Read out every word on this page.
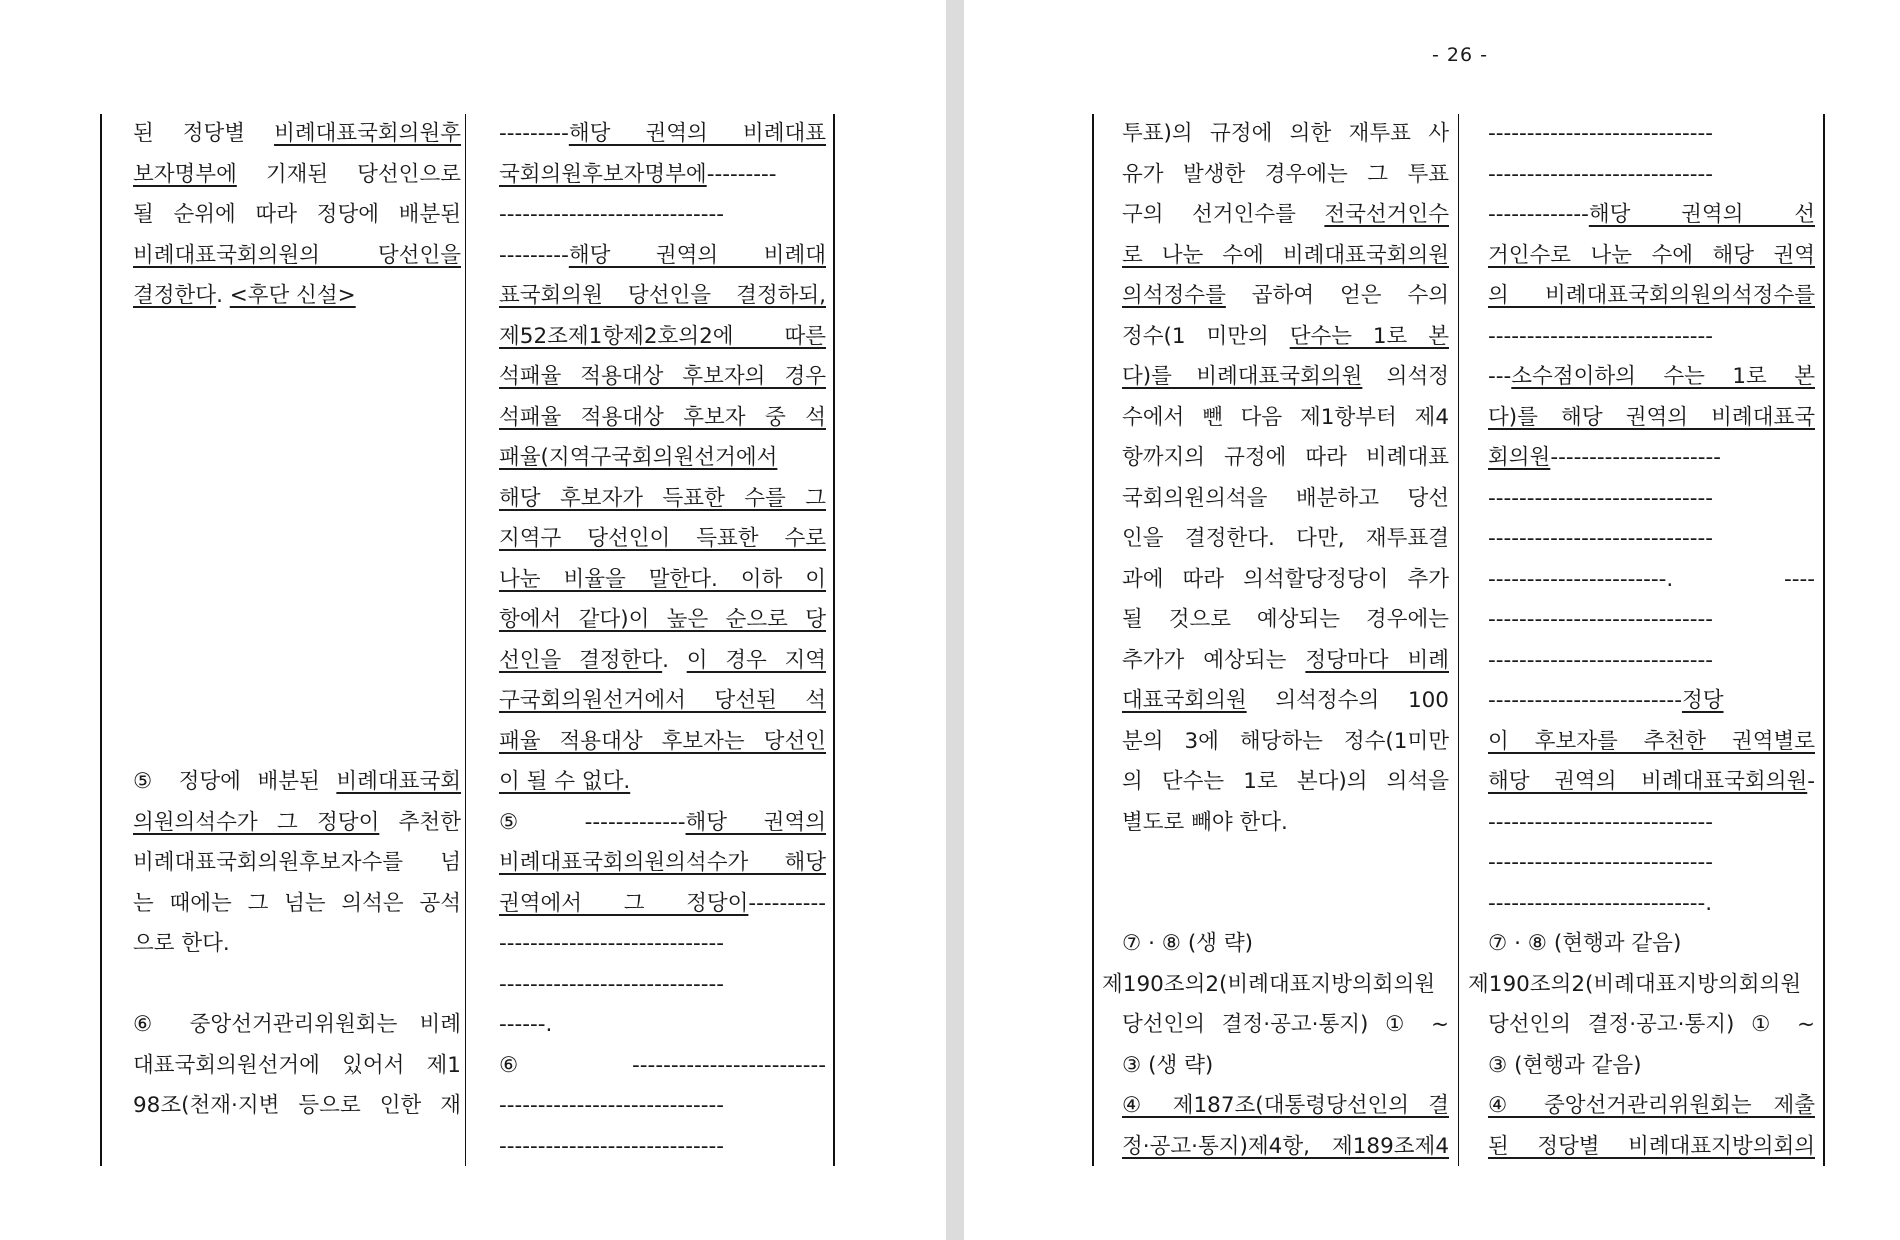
- 26 -
된 정당별 비례대표국회의원후
보자명부에 기재된 당선인으로
될 순위에 따라 정당에 배분된
비례대표국회의원의 당선인을
결정한다. <후단 신설>
⑤ 정당에 배분된 비례대표국회
의원의석수가 그 정당이 추천한
비례대표국회의원후보자수를 넘
는 때에는 그 넘는 의석은 공석
으로 한다.
⑥ 중앙선거관리위원회는 비례
대표국회의원선거에 있어서 제1
98조(천재·지변 등으로 인한 재
---------해당 권역의 비례대표
국회의원후보자명부에---------
-----------------------------
---------해당 권역의 비례대
표국회의원 당선인을 결정하되,
제52조제1항제2호의2에 따른
석패율 적용대상 후보자의 경우
석패율 적용대상 후보자 중 석
패율(지역구국회의원선거에서
해당 후보자가 득표한 수를 그
지역구 당선인이 득표한 수로
나눈 비율을 말한다. 이하 이
항에서 같다)이 높은 순으로 당
선인을 결정한다. 이 경우 지역
구국회의원선거에서 당선된 석
패율 적용대상 후보자는 당선인
이 될 수 없다.
⑤ -------------해당 권역의
비례대표국회의원의석수가 해당
권역에서 그 정당이----------
-----------------------------
-----------------------------
------.
⑥ -------------------------
-----------------------------
-----------------------------
투표)의 규정에 의한 재투표 사
유가 발생한 경우에는 그 투표
구의 선거인수를 전국선거인수
로 나눈 수에 비례대표국회의원
의석정수를 곱하여 얻은 수의
정수(1 미만의 단수는 1로 본
다)를 비례대표국회의원 의석정
수에서 뺀 다음 제1항부터 제4
항까지의 규정에 따라 비례대표
국회의원의석을 배분하고 당선
인을 결정한다. 다만, 재투표결
과에 따라 의석할당정당이 추가
될 것으로 예상되는 경우에는
추가가 예상되는 정당마다 비례
대표국회의원 의석정수의 100
분의 3에 해당하는 정수(1미만
의 단수는 1로 본다)의 의석을
별도로 빼야 한다.
⑦ · ⑧ (생 략)
제190조의2(비례대표지방의회의원
당선인의 결정·공고·통지) ① ~
③ (생 략)
④ 제187조(대통령당선인의 결
정·공고·통지)제4항, 제189조제4
-----------------------------
-----------------------------
-------------해당 권역의 선
거인수로 나눈 수에 해당 권역
의 비례대표국회의원의석정수를
-----------------------------
---소수점이하의 수는 1로 본
다)를 해당 권역의 비례대표국
회의원----------------------
-----------------------------
-----------------------------
-----------------------. ----
-----------------------------
-----------------------------
-------------------------정당
이 후보자를 추천한 권역별로
해당 권역의 비례대표국회의원-
-----------------------------
-----------------------------
----------------------------.
⑦ · ⑧ (현행과 같음)
제190조의2(비례대표지방의회의원
당선인의 결정·공고·통지) ① ~
③ (현행과 같음)
④ 중앙선거관리위원회는 제출
된 정당별 비례대표지방의회의
